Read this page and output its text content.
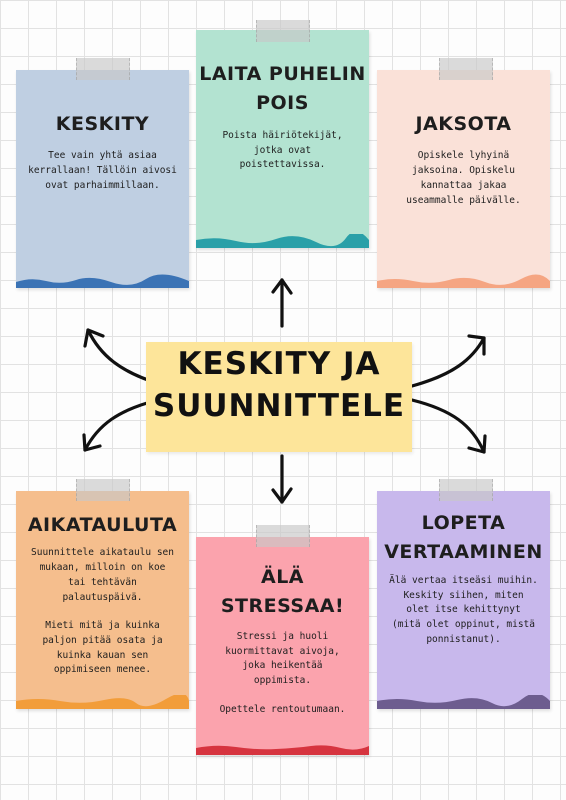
KESKITY
Tee vain yhtä asiaa
kerrallaan! Tällöin aivosi
ovat parhaimmillaan.
LAITA PUHELIN
POIS
Poista häiriötekijät,
jotka ovat
poistettavissa.
JAKSOTA
Opiskele lyhyinä
jaksoina. Opiskelu
kannattaa jakaa
useammalle päivälle.
KESKITY JA
SUUNNITTELE
AIKATAULUTA
Suunnittele aikataulu sen
mukaan, milloin on koe
tai tehtävän
palautuspäivä.
Mieti mitä ja kuinka
paljon pitää osata ja
kuinka kauan sen
oppimiseen menee.
ÄLÄ STRESSAA!
Stressi ja huoli
kuormittavat aivoja,
joka heikentää
oppimista.
Opettele rentoutumaan.
LOPETA
VERTAAMINEN
Älä vertaa itseäsi muihin.
Keskity siihen, miten
olet itse kehittynyt
(mitä olet oppinut, mistä
ponnistanut).
